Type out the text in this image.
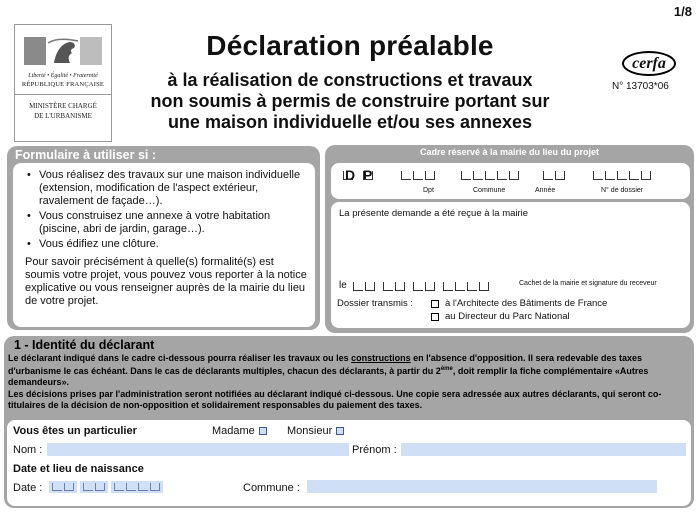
1/8
Liberté • Égalité • Fraternité
RÉPUBLIQUE FRANÇAISE
MINISTÈRE CHARGÉ
DE L'URBANISME
Déclaration préalable
à la réalisation de constructions et travaux
non soumis à permis de construire portant sur
une maison individuelle et/ou ses annexes
cerfa
N° 13703*06
Formulaire à utiliser si :
• Vous réalisez des travaux sur une maison individuelle (extension, modification de l'aspect extérieur, ravalement de façade…).
• Vous construisez une annexe à votre habitation (piscine, abri de jardin, garage…).
• Vous édifiez une clôture.
Pour savoir précisément à quelle(s) formalité(s) est soumis votre projet, vous pouvez vous reporter à la notice explicative ou vous renseigner auprès de la mairie du lieu de votre projet.
Cadre réservé à la mairie du lieu du projet
D P
Dpt	Commune	Année	N° de dossier
La présente demande a été reçue à la mairie
le	Cachet de la mairie et signature du receveur
Dossier transmis :	à l'Architecte des Bâtiments de France
au Directeur du Parc National
1 - Identité du déclarant
Le déclarant indiqué dans le cadre ci-dessous pourra réaliser les travaux ou les constructions en l'absence d'opposition. Il sera redevable des taxes d'urbanisme le cas échéant. Dans le cas de déclarants multiples, chacun des déclarants, à partir du 2ème, doit remplir la fiche complémentaire «Autres demandeurs».
Les décisions prises par l'administration seront notifiées au déclarant indiqué ci-dessous. Une copie sera adressée aux autres déclarants, qui seront co-titulaires de la décision de non-opposition et solidairement responsables du paiement des taxes.
Vous êtes un particulier	Madame	Monsieur
Nom :	Prénom :
Date et lieu de naissance
Date :	Commune :
